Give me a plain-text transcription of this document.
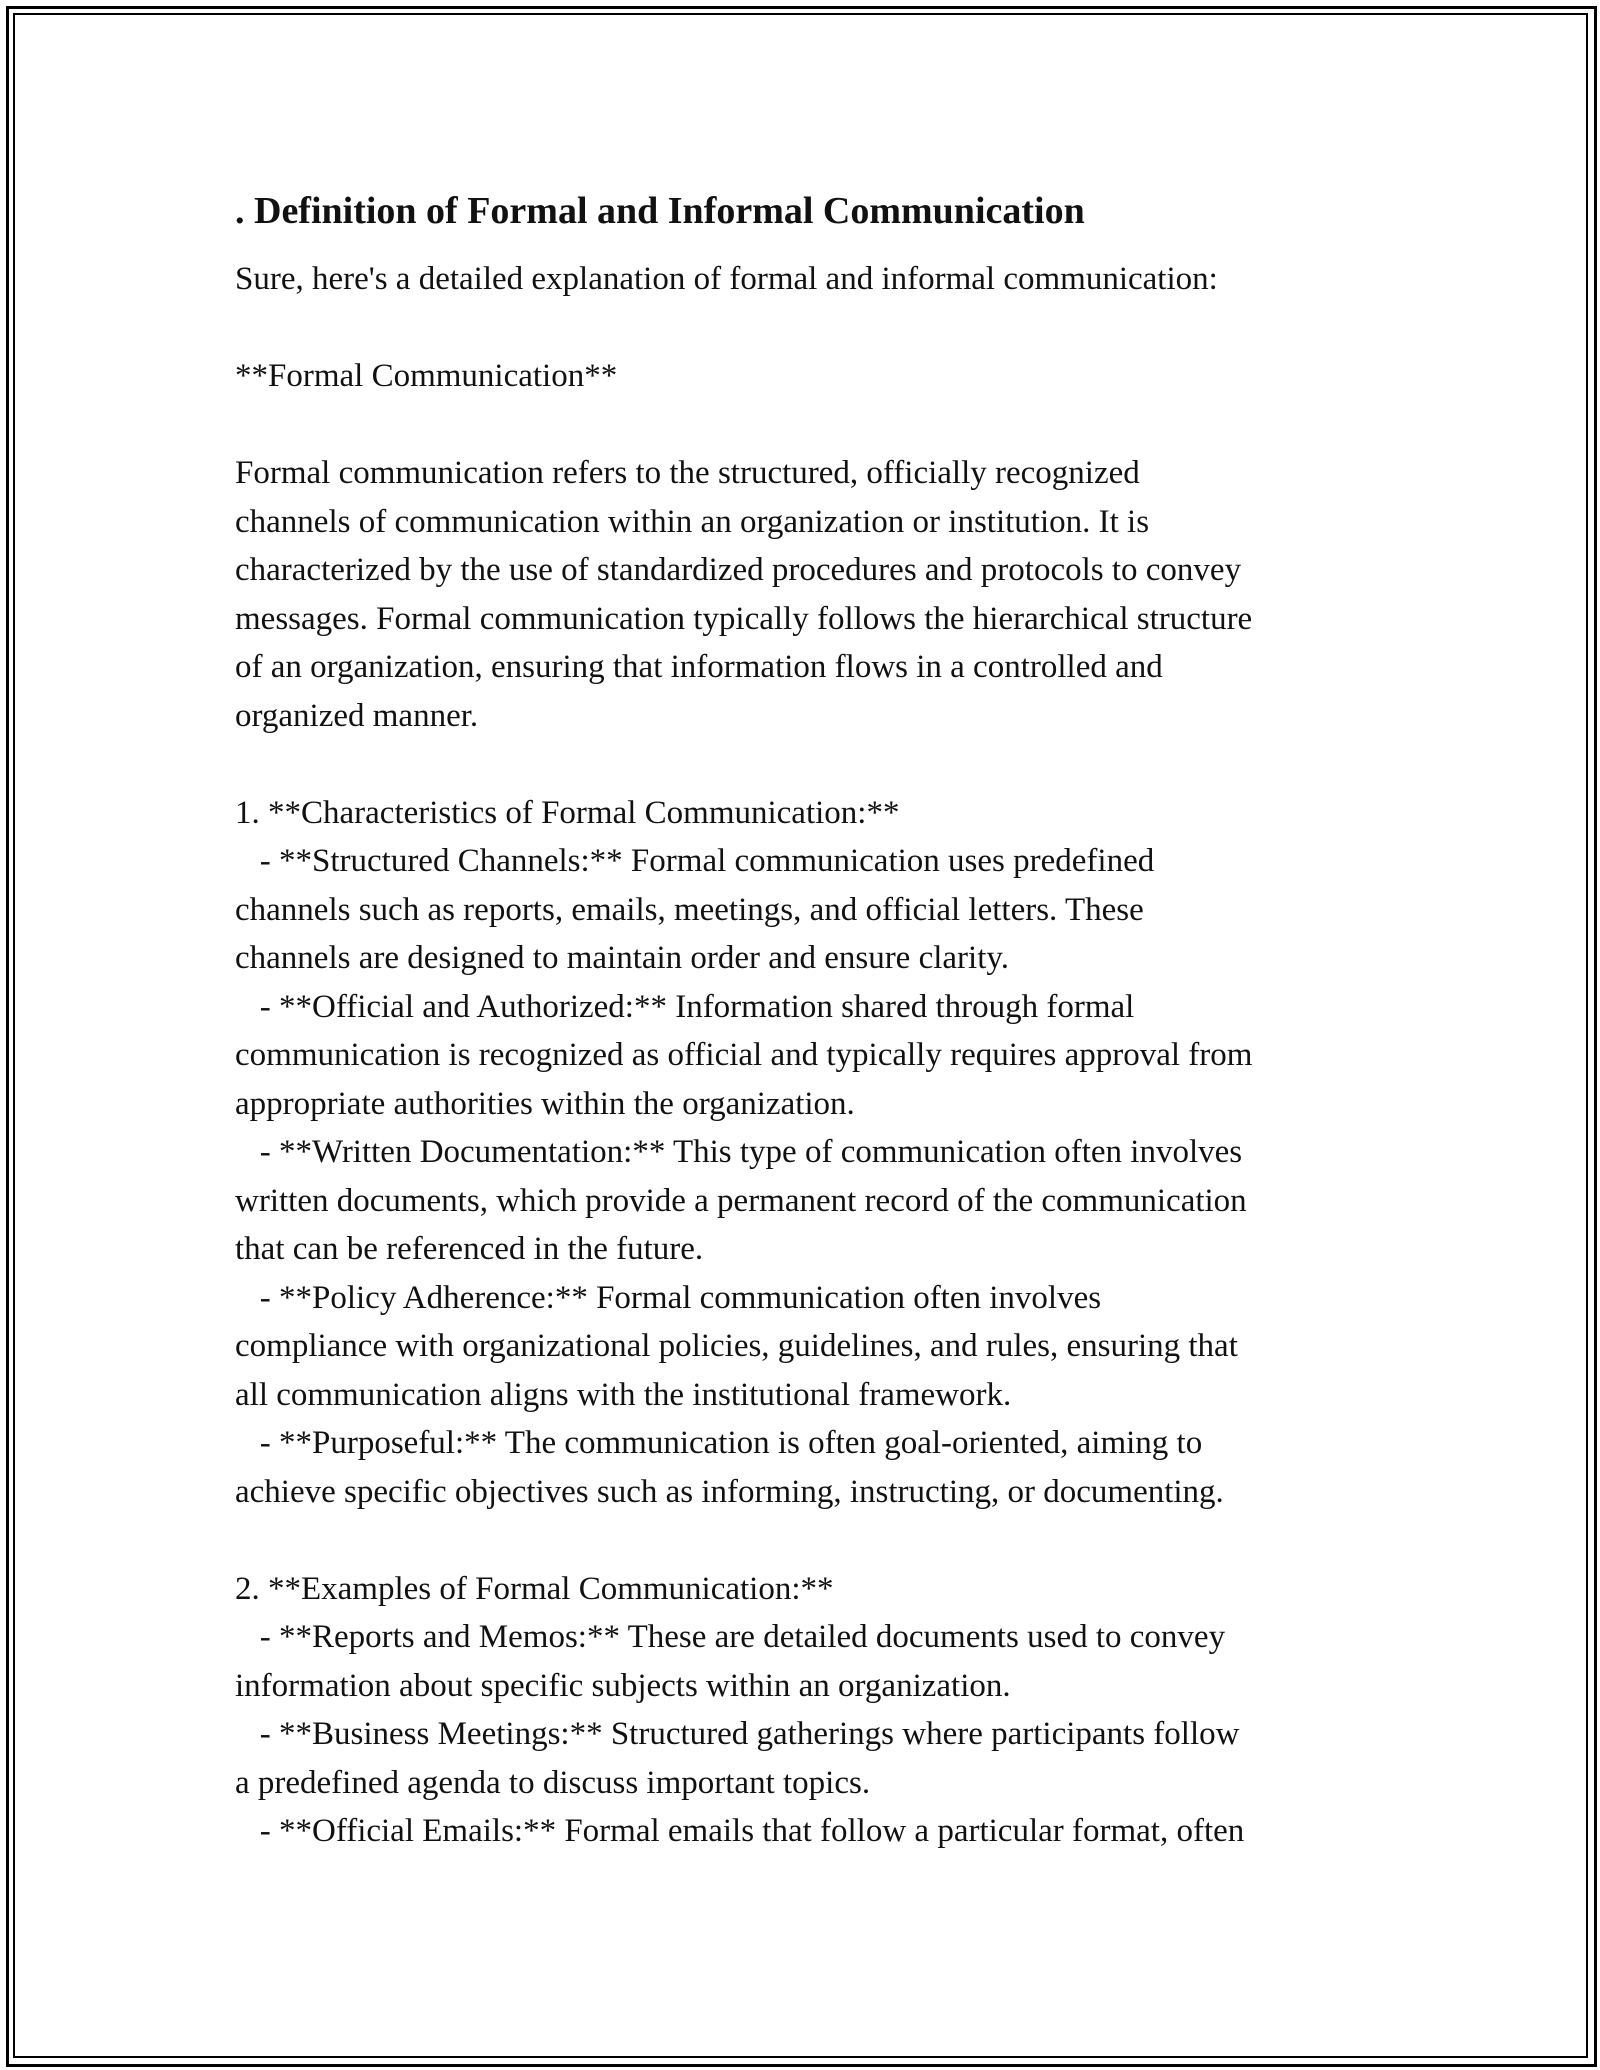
. Definition of Formal and Informal Communication
Sure, here's a detailed explanation of formal and informal communication:
**Formal Communication**
Formal communication refers to the structured, officially recognized
channels of communication within an organization or institution. It is
characterized by the use of standardized procedures and protocols to convey
messages. Formal communication typically follows the hierarchical structure
of an organization, ensuring that information flows in a controlled and
organized manner.
1. **Characteristics of Formal Communication:**
- **Structured Channels:** Formal communication uses predefined
channels such as reports, emails, meetings, and official letters. These
channels are designed to maintain order and ensure clarity.
- **Official and Authorized:** Information shared through formal
communication is recognized as official and typically requires approval from
appropriate authorities within the organization.
- **Written Documentation:** This type of communication often involves
written documents, which provide a permanent record of the communication
that can be referenced in the future.
- **Policy Adherence:** Formal communication often involves
compliance with organizational policies, guidelines, and rules, ensuring that
all communication aligns with the institutional framework.
- **Purposeful:** The communication is often goal-oriented, aiming to
achieve specific objectives such as informing, instructing, or documenting.
2. **Examples of Formal Communication:**
- **Reports and Memos:** These are detailed documents used to convey
information about specific subjects within an organization.
- **Business Meetings:** Structured gatherings where participants follow
a predefined agenda to discuss important topics.
- **Official Emails:** Formal emails that follow a particular format, often
